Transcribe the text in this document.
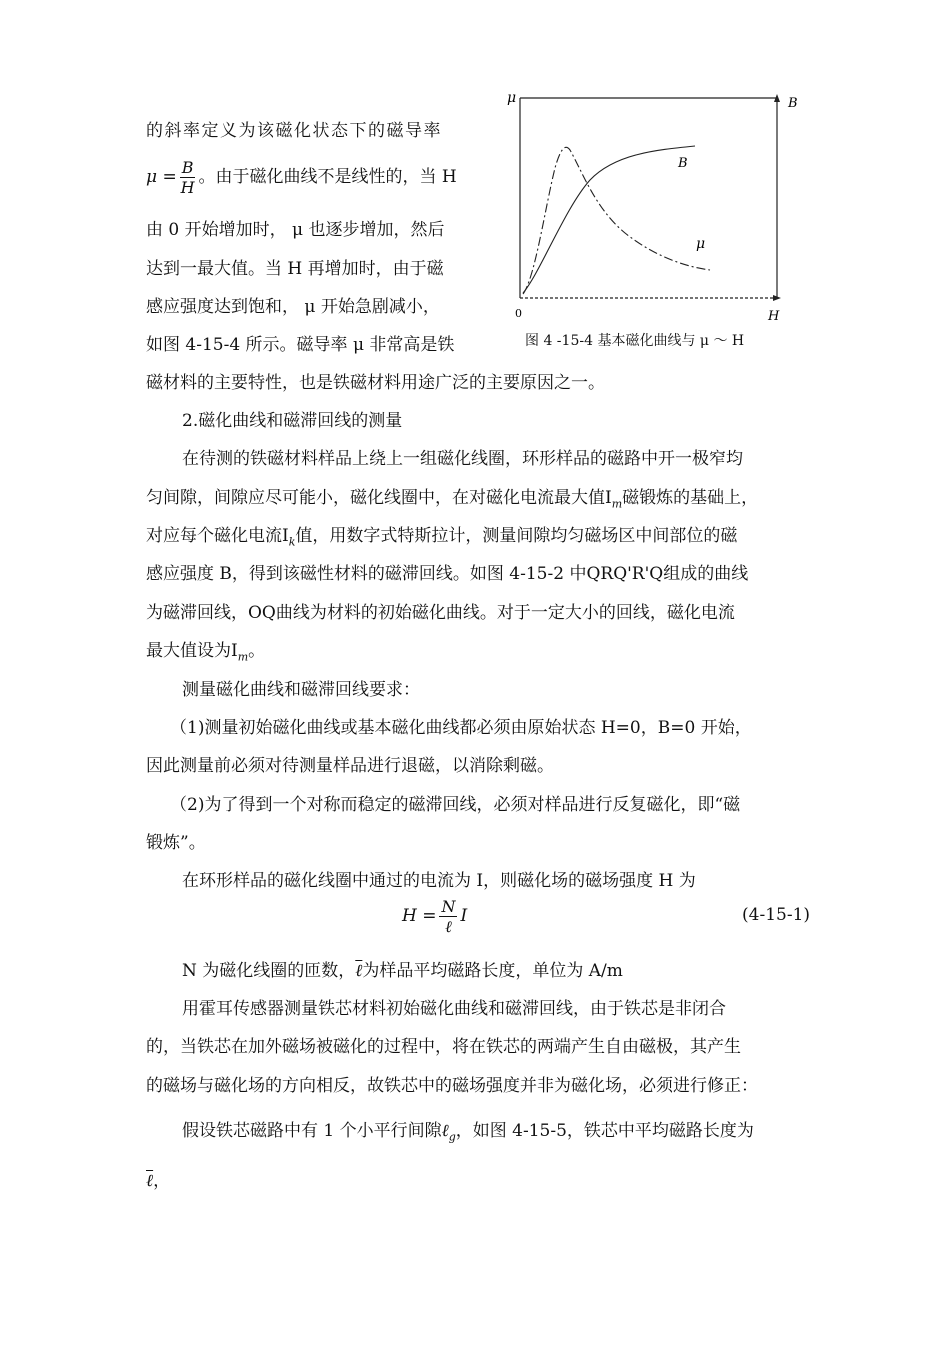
的斜率定义为该磁化状态下的磁导率
$\mu = \frac{B}{H}$ 。由于磁化曲线不是线性的，当 H
由 0 开始增加时， μ 也逐步增加，然后
达到一最大值。当 H 再增加时，由于磁
感应强度达到饱和， μ 开始急剧减小，
如图 4-15-4 所示。磁导率 μ 非常高是铁
磁材料的主要特性，也是铁磁材料用途广泛的主要原因之一。
μ	B
B
μ
0	H
图 4 -15-4 基本磁化曲线与 μ ～ H
2.磁化曲线和磁滞回线的测量
在待测的铁磁材料样品上绕上一组磁化线圈，环形样品的磁路中开一极窄均
匀间隙，间隙应尽可能小，磁化线圈中，在对磁化电流最大值$I_m$磁锻炼的基础上，
对应每个磁化电流$I_k$值，用数字式特斯拉计，测量间隙均匀磁场区中间部位的磁
感应强度 B，得到该磁性材料的磁滞回线。如图 4-15-2 中QRQ'R'Q组成的曲线
为磁滞回线，OQ曲线为材料的初始磁化曲线。对于一定大小的回线，磁化电流
最大值设为$I_m$。
测量磁化曲线和磁滞回线要求：
（1)测量初始磁化曲线或基本磁化曲线都必须由原始状态 H=0，B=0 开始，
因此测量前必须对待测量样品进行退磁，以消除剩磁。
（2)为了得到一个对称而稳定的磁滞回线，必须对样品进行反复磁化，即“磁
锻炼”。
在环形样品的磁化线圈中通过的电流为 I，则磁化场的磁场强度 H 为
$H = \frac{N}{\text{ℓ}}$ I	(4-15-1)
N 为磁化线圈的匝数，ℓ为样品平均磁路长度，单位为 A/m
用霍耳传感器测量铁芯材料初始磁化曲线和磁滞回线，由于铁芯是非闭合
的，当铁芯在加外磁场被磁化的过程中，将在铁芯的两端产生自由磁极，其产生
的磁场与磁化场的方向相反，故铁芯中的磁场强度并非为磁化场，必须进行修正：
假设铁芯磁路中有 1 个小平行间隙ℓ$_g$，如图 4-15-5，铁芯中平均磁路长度为
ℓ，
